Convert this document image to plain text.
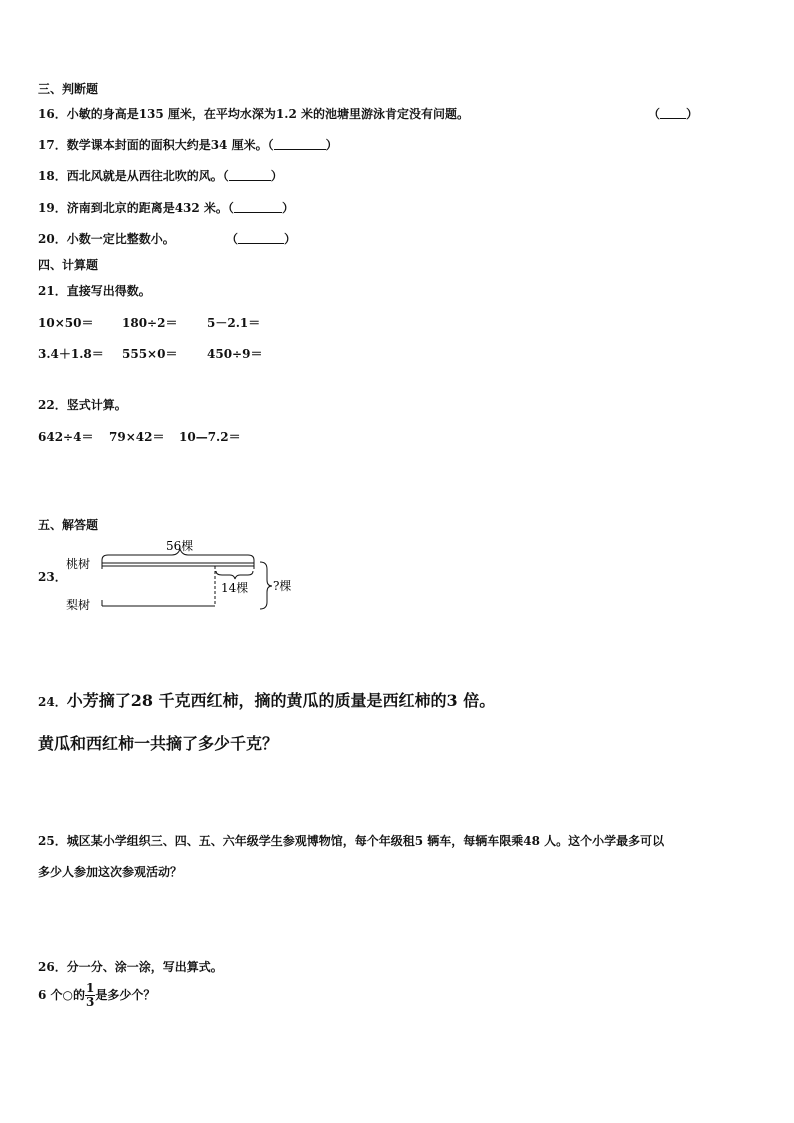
三、判断题
16．小敏的身高是135 厘米，在平均水深为1.2 米的池塘里游泳肯定没有问题。	（ ）
17．数学课本封面的面积大约是34 厘米。（	）
18．西北风就是从西往北吹的风。（	）
19．济南到北京的距离是432 米。（	）
20．小数一定比整数小。	（	）
四、计算题
21．直接写出得数。
10×50＝ 180÷2＝ 5－2.1＝
3.4＋1.8＝ 555×0＝ 450÷9＝
22．竖式计算。
642÷4＝ 79×42＝ 10—7.2＝
五、解答题
23．
56棵
桃树
14棵
梨树
?棵
24．小芳摘了28 千克西红柿，摘的黄瓜的质量是西红柿的3 倍。
黄瓜和西红柿一共摘了多少千克？
25．城区某小学组织三、四、五、六年级学生参观博物馆，每个年级租5 辆车，每辆车限乘48 人。这个小学最多可以
多少人参加这次参观活动？
26．分一分、涂一涂，写出算式。
6 个○的 $\frac{1}{3}$ 是多少个？
